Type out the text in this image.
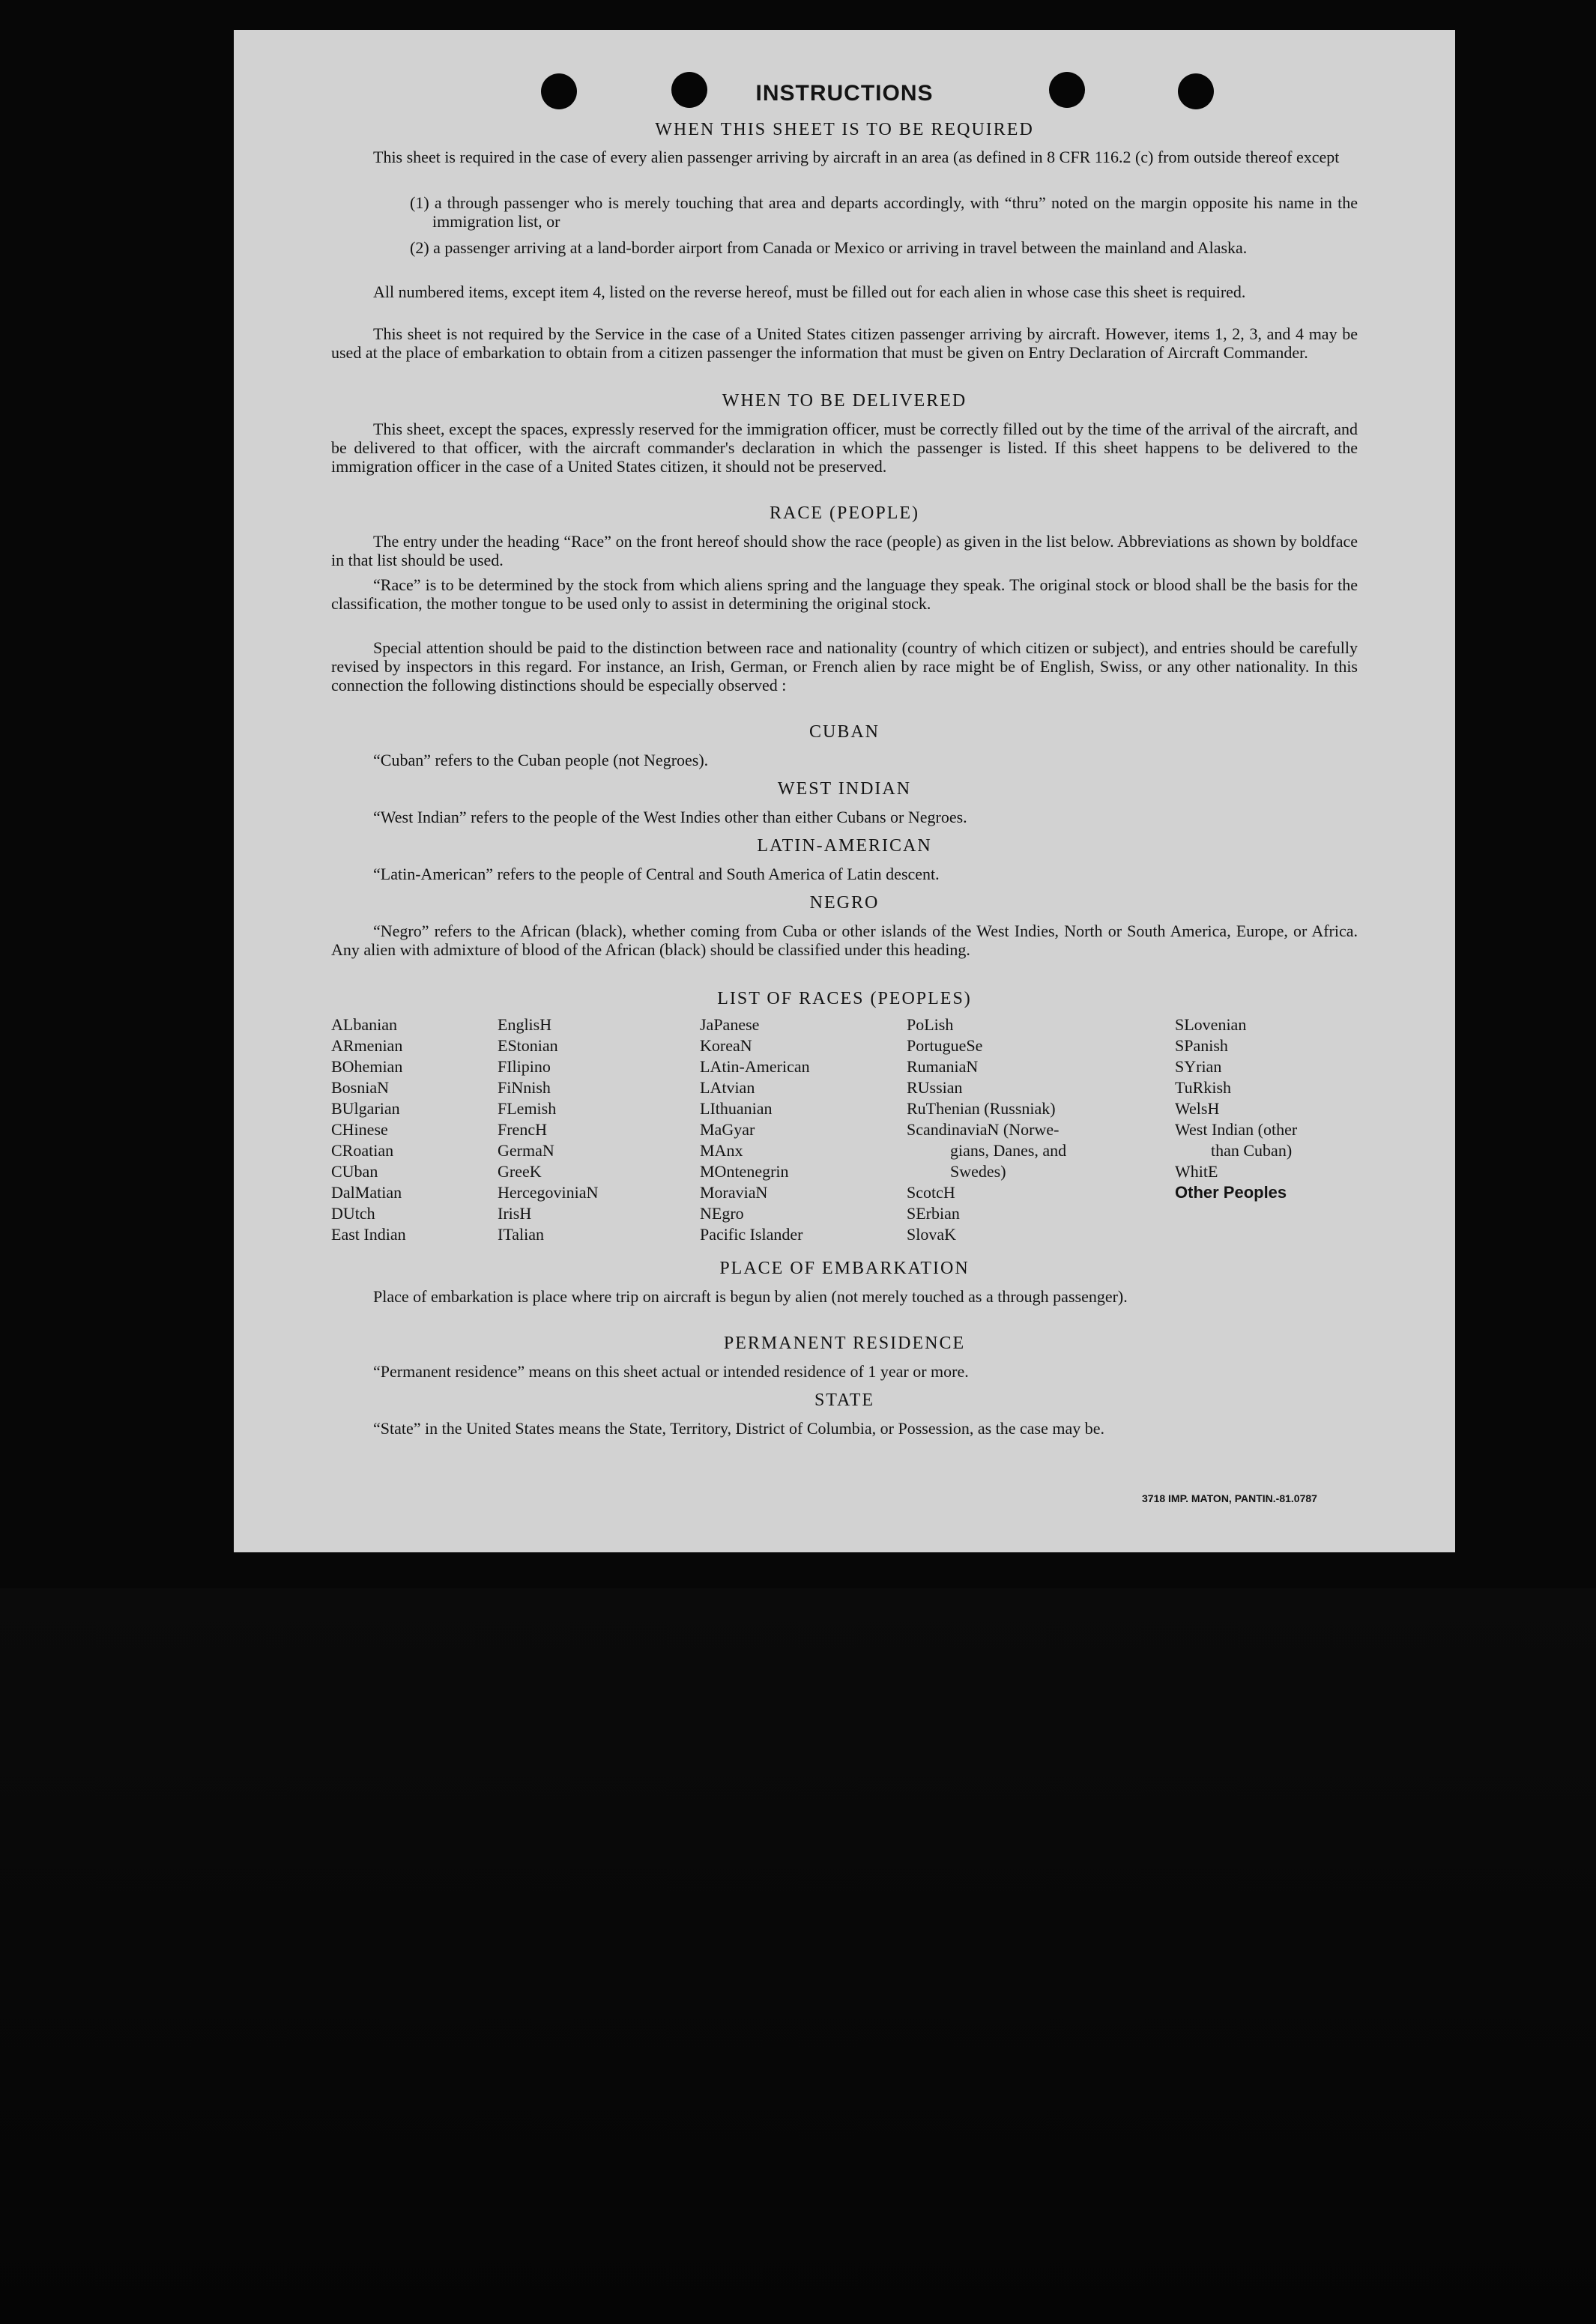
INSTRUCTIONS
WHEN THIS SHEET IS TO BE REQUIRED
This sheet is required in the case of every alien passenger arriving by aircraft in an area (as defined in 8 CFR 116.2 (c) from outside thereof except
(1) a through passenger who is merely touching that area and departs accordingly, with “thru” noted on the margin opposite his name in the immigration list, or
(2) a passenger arriving at a land-border airport from Canada or Mexico or arriving in travel between the mainland and Alaska.
All numbered items, except item 4, listed on the reverse hereof, must be filled out for each alien in whose case this sheet is required.
This sheet is not required by the Service in the case of a United States citizen passenger arriving by aircraft. However, items 1, 2, 3, and 4 may be used at the place of embarkation to obtain from a citizen passenger the information that must be given on Entry Declaration of Aircraft Commander.
WHEN TO BE DELIVERED
This sheet, except the spaces, expressly reserved for the immigration officer, must be correctly filled out by the time of the arrival of the aircraft, and be delivered to that officer, with the aircraft commander's declaration in which the passenger is listed. If this sheet happens to be delivered to the immigration officer in the case of a United States citizen, it should not be preserved.
RACE (PEOPLE)
The entry under the heading “Race” on the front hereof should show the race (people) as given in the list below. Abbreviations as shown by boldface in that list should be used.
“Race” is to be determined by the stock from which aliens spring and the language they speak. The original stock or blood shall be the basis for the classification, the mother tongue to be used only to assist in determining the original stock.
Special attention should be paid to the distinction between race and nationality (country of which citizen or subject), and entries should be carefully revised by inspectors in this regard. For instance, an Irish, German, or French alien by race might be of English, Swiss, or any other nationality. In this connection the following distinctions should be especially observed :
CUBAN
“Cuban” refers to the Cuban people (not Negroes).
WEST INDIAN
“West Indian” refers to the people of the West Indies other than either Cubans or Negroes.
LATIN-AMERICAN
“Latin-American” refers to the people of Central and South America of Latin descent.
NEGRO
“Negro” refers to the African (black), whether coming from Cuba or other islands of the West Indies, North or South America, Europe, or Africa. Any alien with admixture of blood of the African (black) should be classified under this heading.
LIST OF RACES (PEOPLES)
ALbanian
ARmenian
BOhemian
BosniaN
BUlgarian
CHinese
CRoatian
CUban
DalMatian
DUtch
East Indian
EnglisH
EStonian
FIlipino
FiNnish
FLemish
FrencH
GermaN
GreeK
HercegoviniaN
IrisH
ITalian
JaPanese
KoreaN
LAtin-American
LAtvian
LIthuanian
MaGyar
MAnx
MOntenegrin
MoraviaN
NEgro
Pacific Islander
PoLish
PortugueSe
RumaniaN
RUssian
RuThenian (Russniak)
ScandinaviaN (Norwe-
gians, Danes, and
Swedes)
ScotcH
SErbian
SlovaK
SLovenian
SPanish
SYrian
TuRkish
WelsH
West Indian (other
than Cuban)
WhitE
Other Peoples
PLACE OF EMBARKATION
Place of embarkation is place where trip on aircraft is begun by alien (not merely touched as a through passenger).
PERMANENT RESIDENCE
“Permanent residence” means on this sheet actual or intended residence of 1 year or more.
STATE
“State” in the United States means the State, Territory, District of Columbia, or Possession, as the case may be.
3718 IMP. MATON, PANTIN.-81.0787
